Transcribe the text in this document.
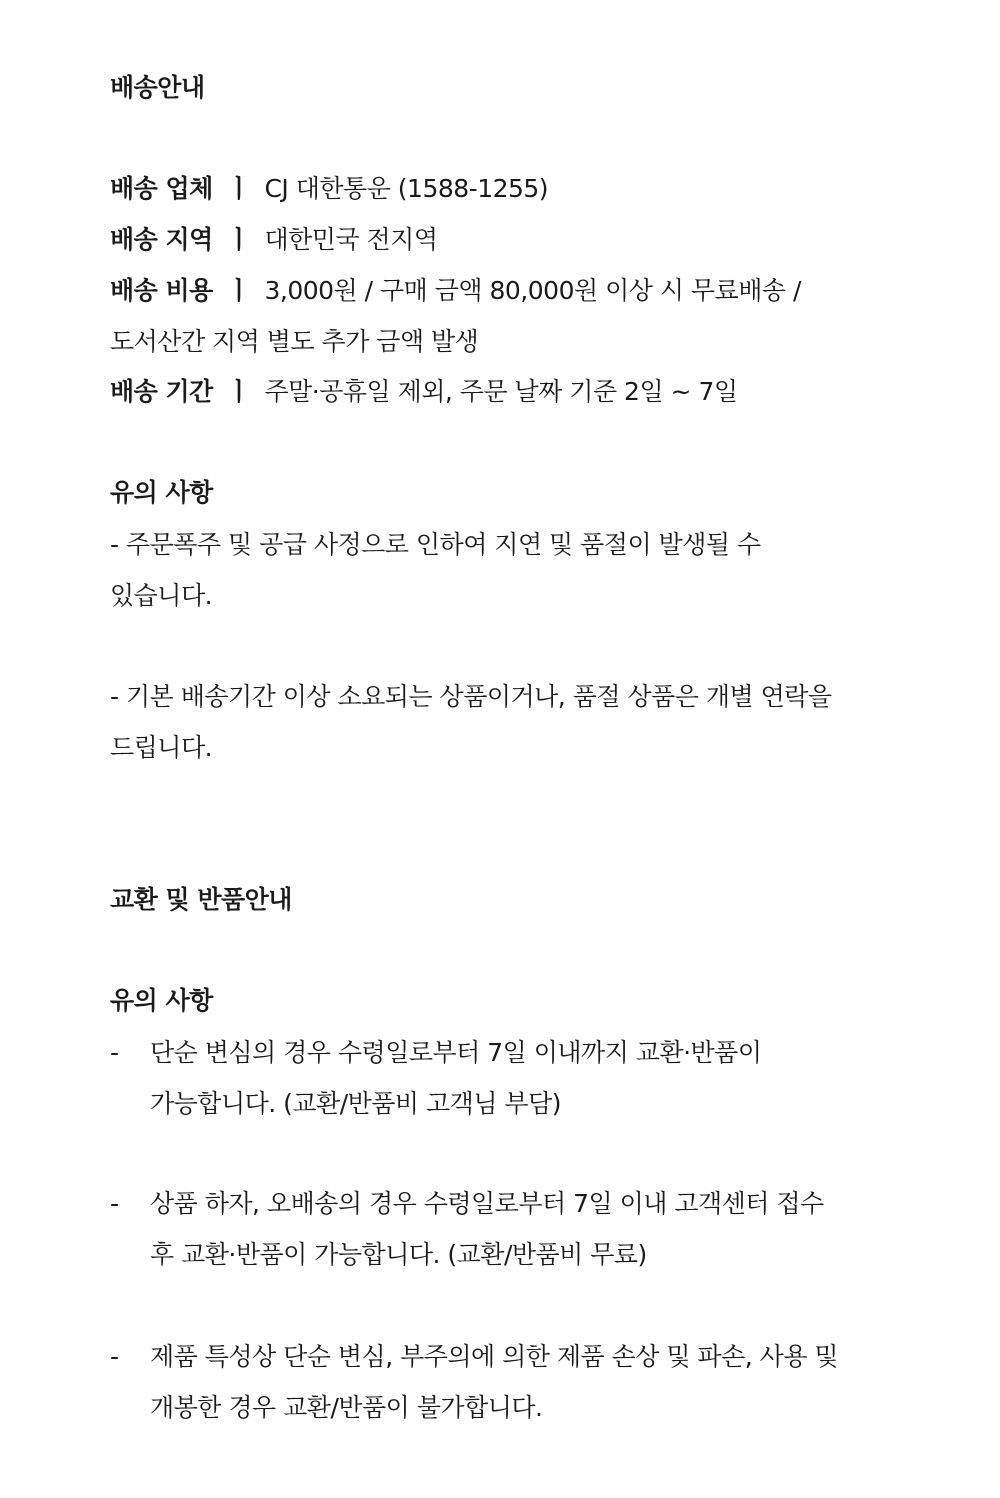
배송안내
배송 업체 ㅣ CJ 대한통운 (1588-1255)
배송 지역 ㅣ 대한민국 전지역
배송 비용 ㅣ 3,000원 / 구매 금액 80,000원 이상 시 무료배송 /
도서산간 지역 별도 추가 금액 발생
배송 기간 ㅣ 주말·공휴일 제외, 주문 날짜 기준 2일 ~ 7일
유의 사항
- 주문폭주 및 공급 사정으로 인하여 지연 및 품절이 발생될 수
있습니다.
- 기본 배송기간 이상 소요되는 상품이거나, 품절 상품은 개별 연락을
드립니다.
교환 및 반품안내
유의 사항
- 단순 변심의 경우 수령일로부터 7일 이내까지 교환·반품이
가능합니다. (교환/반품비 고객님 부담)
- 상품 하자, 오배송의 경우 수령일로부터 7일 이내 고객센터 접수
후 교환·반품이 가능합니다. (교환/반품비 무료)
- 제품 특성상 단순 변심, 부주의에 의한 제품 손상 및 파손, 사용 및
개봉한 경우 교환/반품이 불가합니다.
